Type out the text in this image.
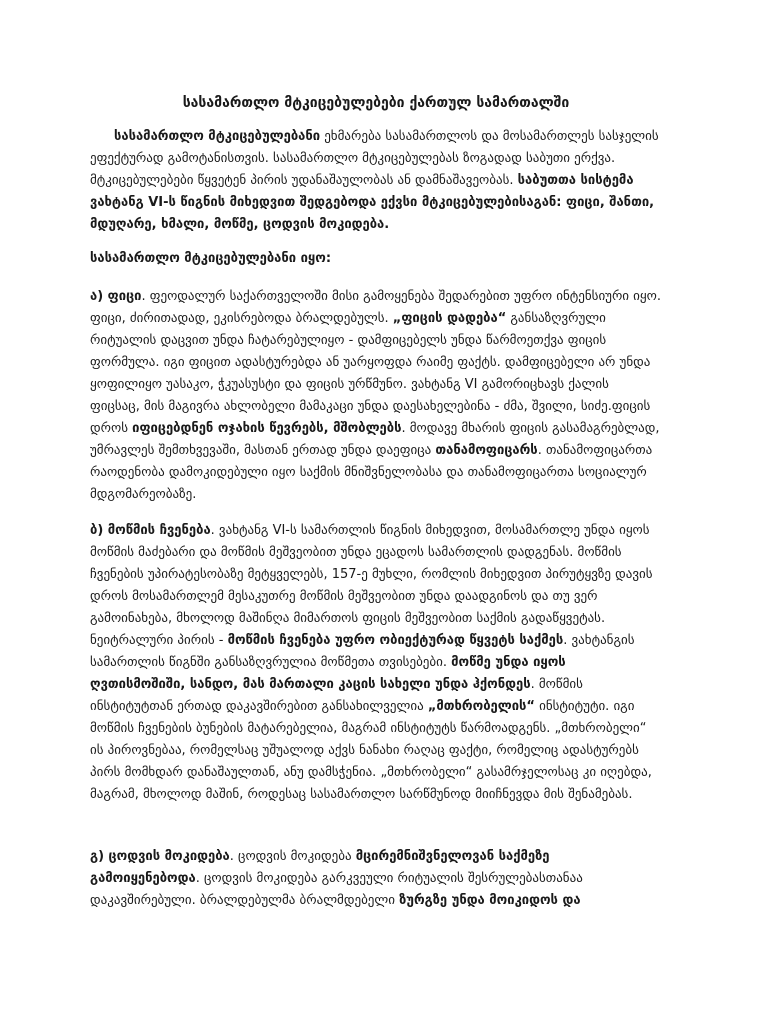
სასამართლო მტკიცებულებები ქართულ სამართალში

სასამართლო მტკიცებულებანი ეხმარება სასამართლოს და მოსამართლეს სასჯელის ეფექტურად გამოტანისთვის. სასამართლო მტკიცებულებას ზოგადად საბუთი ერქვა. მტკიცებულებები წყვეტენ პირის უდანაშაულობას ან დამნაშავეობას. საბუთთა სისტემა ვახტანგ VI-ს წიგნის მიხედვით შედგებოდა ექვსი მტკიცებულებისაგან: ფიცი, შანთი, მდუღარე, ხმალი, მოწმე, ცოდვის მოკიდება.

სასამართლო მტკიცებულებანი იყო:

ა) ფიცი. ფეოდალურ საქართველოში მისი გამოყენება შედარებით უფრო ინტენსიური იყო. ფიცი, ძირითადად, ეკისრებოდა ბრალდებულს. „ფიცის დადება“ განსაზღვრული რიტუალის დაცვით უნდა ჩატარებულიყო - დამფიცებელს უნდა წარმოეთქვა ფიცის ფორმულა. იგი ფიცით ადასტურებდა ან უარყოფდა რაიმე ფაქტს. დამფიცებელი არ უნდა ყოფილიყო უასაკო, ჭკუასუსტი და ფიცის ურწმუნო. ვახტანგ VI გამორიცხავს ქალის ფიცსაც, მის მაგივრა ახლობელი მამაკაცი უნდა დაესახელებინა - ძმა, შვილი, სიძე.ფიცის დროს იფიცებდნენ ოჯახის წევრებს, მშობლებს. მოდავე მხარის ფიცის გასამაგრებლად, უმრავლეს შემთხვევაში, მასთან ერთად უნდა დაეფიცა თანამოფიცარს. თანამოფიცართა რაოდენობა დამოკიდებული იყო საქმის მნიშვნელობასა და თანამოფიცართა სოციალურ მდგომარეობაზე.

ბ) მოწმის ჩვენება. ვახტანგ VI-ს სამართლის წიგნის მიხედვით, მოსამართლე უნდა იყოს მოწმის მაძებარი და მოწმის მეშვეობით უნდა ეცადოს სამართლის დადგენას. მოწმის ჩვენების უპირატესობაზე მეტყველებს, 157-ე მუხლი, რომლის მიხედვით პირუტყვზე დავის დროს მოსამართლემ მესაკუთრე მოწმის მეშვეობით უნდა დაადგინოს და თუ ვერ გამოინახება, მხოლოდ მაშინღა მიმართოს ფიცის მეშვეობით საქმის გადაწყვეტას. ნეიტრალური პირის - მოწმის ჩვენება უფრო ობიექტურად წყვეტს საქმეს. ვახტანგის სამართლის წიგნში განსაზღვრულია მოწმეთა თვისებები. მოწმე უნდა იყოს ღვთისმოშიში, სანდო, მას მართალი კაცის სახელი უნდა ჰქონდეს. მოწმის ინსტიტუტთან ერთად დაკავშირებით განსახილველია „მთხრობელის“ ინსტიტუტი. იგი მოწმის ჩვენების ბუნების მატარებელია, მაგრამ ინსტიტუტს წარმოადგენს. „მთხრობელი“ ის პიროვნებაა, რომელსაც უშუალოდ აქვს ნანახი რაღაც ფაქტი, რომელიც ადასტურებს პირს მომხდარ დანაშაულთან, ანუ დამსჭენია. „მთხრობელი“ გასამრჯელოსაც კი იღებდა, მაგრამ, მხოლოდ მაშინ, როდესაც სასამართლო სარწმუნოდ მიიჩნევდა მის შენამებას.

გ) ცოდვის მოკიდება. ცოდვის მოკიდება მცირემნიშვნელოვან საქმეზე გამოიყენებოდა. ცოდვის მოკიდება გარკვეული რიტუალის შესრულებასთანაა დაკავშირებული. ბრალდებულმა ბრალმდებელი ზურგზე უნდა მოიკიდოს და
